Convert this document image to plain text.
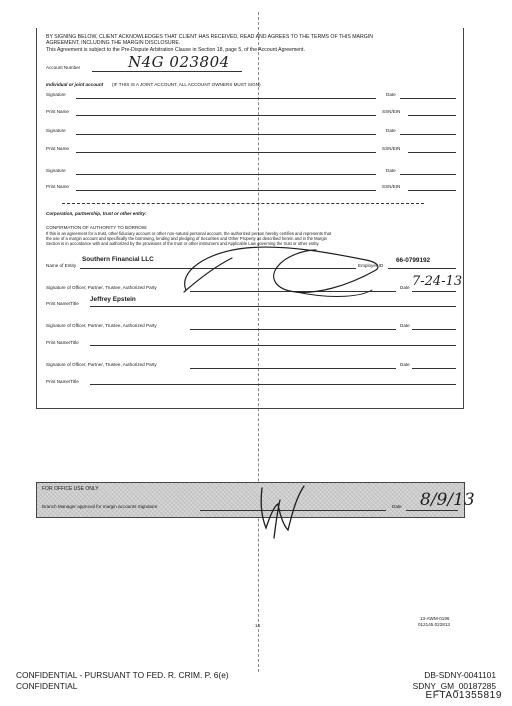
BY SIGNING BELOW, CLIENT ACKNOWLEDGES THAT CLIENT HAS RECEIVED, READ AND AGREES TO THE TERMS OF THIS MARGIN
AGREEMENT, INCLUDING THE MARGIN DISCLOSURE.
This Agreement is subject to the Pre-Dispute Arbitration Clause in Section 18, page 5, of the Account Agreement.
Account Number	N4G 023804
Individual or joint account (IF THIS IS A JOINT ACCOUNT, ALL ACCOUNT OWNERS MUST SIGN)
Signature	Date
Print Name	SSN/EIN
Signature	Date
Print Name	SSN/EIN
Signature	Date
Print Name	SSN/EIN
Corporation, partnership, trust or other entity:
CONFIRMATION OF AUTHORITY TO BORROW:
If this is an agreement for a trust, other fiduciary account or other non-natural personal account, the authorized person hereby certifies and represents that
the use of a margin account and specifically the borrowing, lending and pledging of Securities and Other Property as described herein and in the Margin
Section is in accordance with and authorized by the provisions of the trust or other instrument and Applicable Law governing the trust or other entity.
Name of Entity
Southern Financial LLC
Employer ID
66-0799192
Signature of Officer, Partner, Trustee, Authorized Party	Date 7-24-13
Print Name/Title
Jeffrey Epstein
Signature of Officer, Partner, Trustee, Authorized Party	Date
Print Name/Title
Signature of Officer, Partner, Trustee, Authorized Party	Date
Print Name/Title
FOR OFFICE USE ONLY
Branch Manager approval for margin accounts Signature	Date 8/9/13
14
13-AWM-0196
012145.022813
CONFIDENTIAL - PURSUANT TO FED. R. CRIM. P. 6(e)
CONFIDENTIAL
DB-SDNY-0041101
SDNY_GM_00187285
EFTA01355819
